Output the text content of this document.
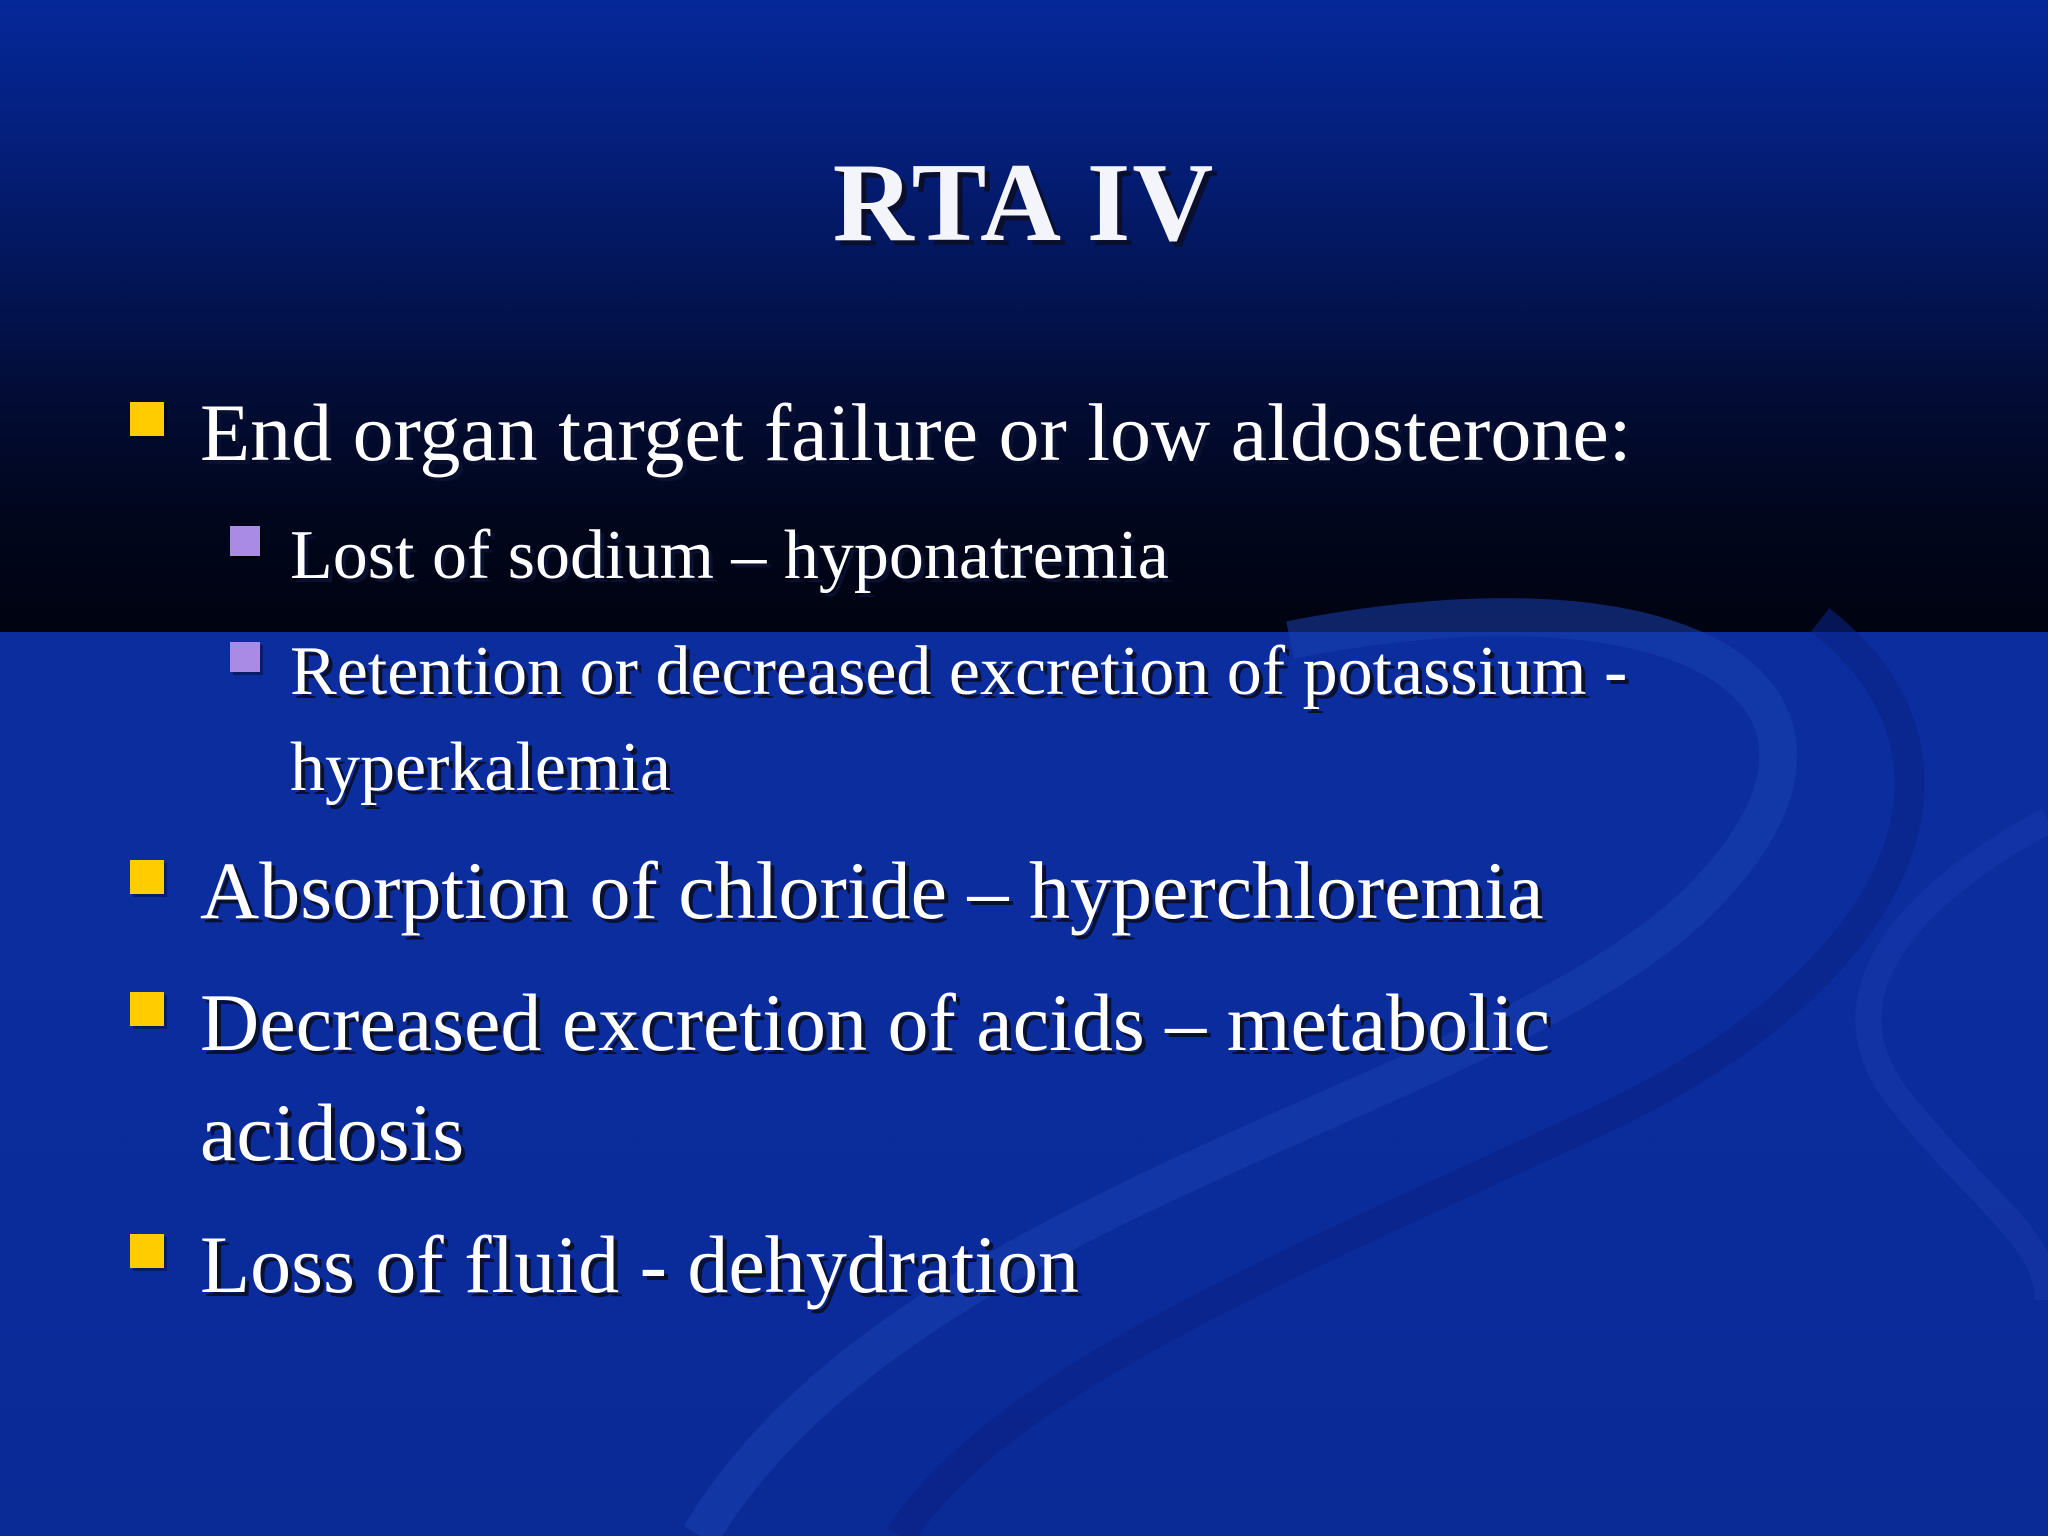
RTA IV
End organ target failure or low aldosterone:
Lost of sodium – hyponatremia
Retention or decreased excretion of potassium -
hyperkalemia
Absorption of chloride – hyperchloremia
Decreased excretion of acids – metabolic
acidosis
Loss of fluid - dehydration
